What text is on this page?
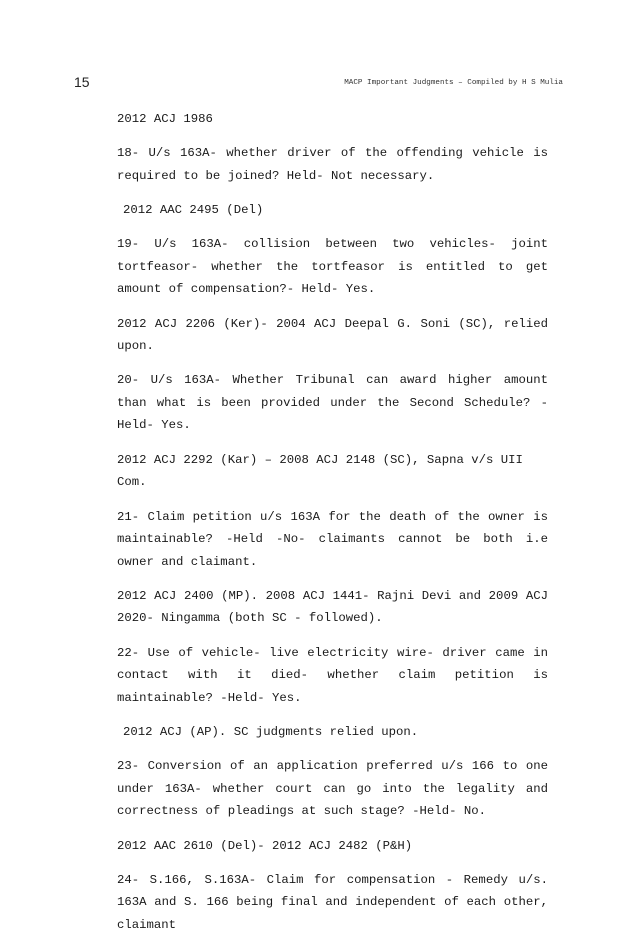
15	MACP Important Judgments – Compiled by H S Mulia

2012 ACJ 1986

18- U/s 163A- whether driver of the offending vehicle is required to be joined? Held- Not necessary.

2012 AAC 2495 (Del)

19- U/s 163A- collision between two vehicles- joint tortfeasor- whether the tortfeasor is entitled to get amount of compensation?- Held- Yes.

2012 ACJ 2206 (Ker)- 2004 ACJ Deepal G. Soni (SC), relied upon.

20- U/s 163A- Whether Tribunal can award higher amount than what is been provided under the Second Schedule? -Held- Yes.

2012 ACJ 2292 (Kar) – 2008 ACJ 2148 (SC), Sapna v/s UII Com.

21- Claim petition u/s 163A for the death of the owner is maintainable? -Held -No- claimants cannot be both i.e owner and claimant.

2012 ACJ 2400 (MP). 2008 ACJ 1441- Rajni Devi and 2009 ACJ 2020- Ningamma (both SC - followed).

22- Use of vehicle- live electricity wire- driver came in contact with it died- whether claim petition is maintainable? -Held- Yes.

2012 ACJ (AP). SC judgments relied upon.

23- Conversion of an application preferred u/s 166 to one under 163A- whether court can go into the legality and correctness of pleadings at such stage? -Held- No.

2012 AAC 2610 (Del)- 2012 ACJ 2482 (P&H)

24- S.166, S.163A- Claim for compensation - Remedy u/s. 163A and S. 166 being final and independent of each other, claimant
